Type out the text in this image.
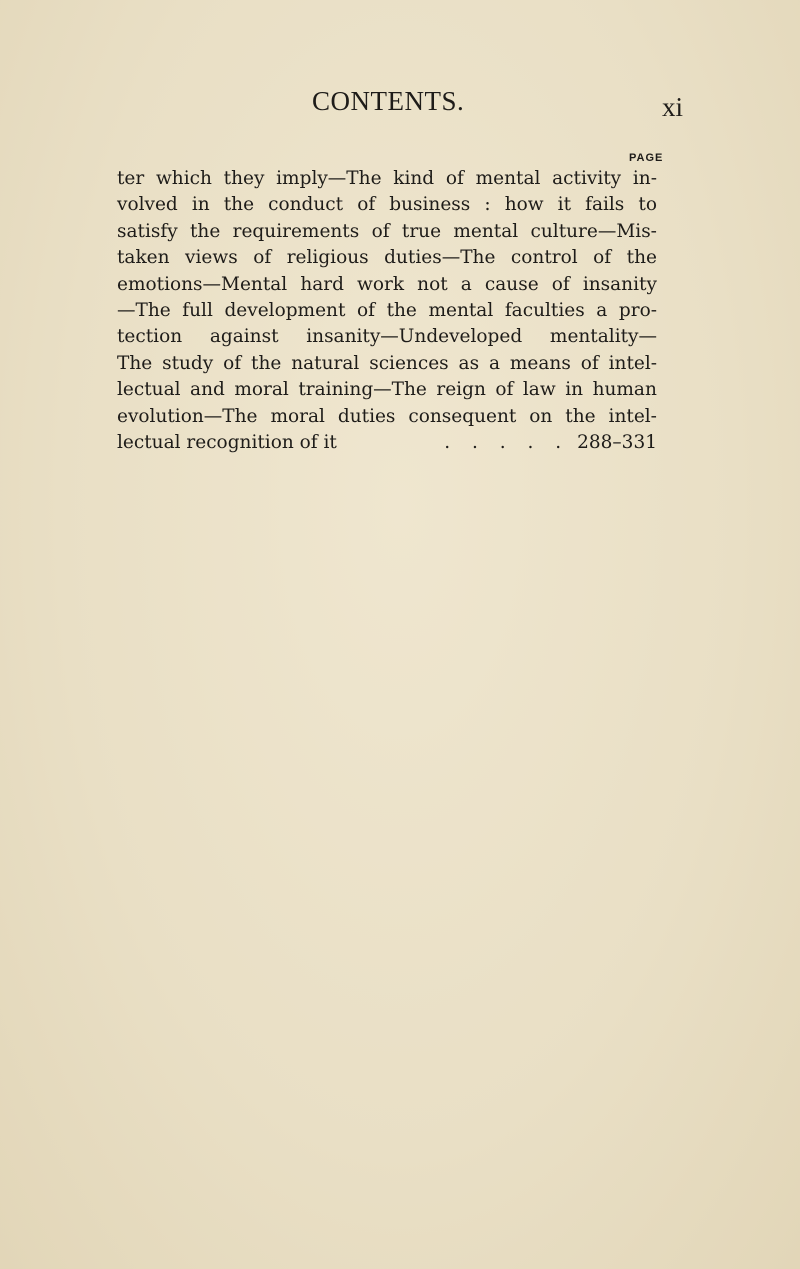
CONTENTS.	xi
PAGE
ter which they imply—The kind of mental activity in-
volved in the conduct of business : how it fails to
satisfy the requirements of true mental culture—Mis-
taken views of religious duties—The control of the
emotions—Mental hard work not a cause of insanity
—The full development of the mental faculties a pro-
tection against insanity—Undeveloped mentality—
The study of the natural sciences as a means of intel-
lectual and moral training—The reign of law in human
evolution—The moral duties consequent on the intel-
lectual recognition of it	. . . . . 288–331
